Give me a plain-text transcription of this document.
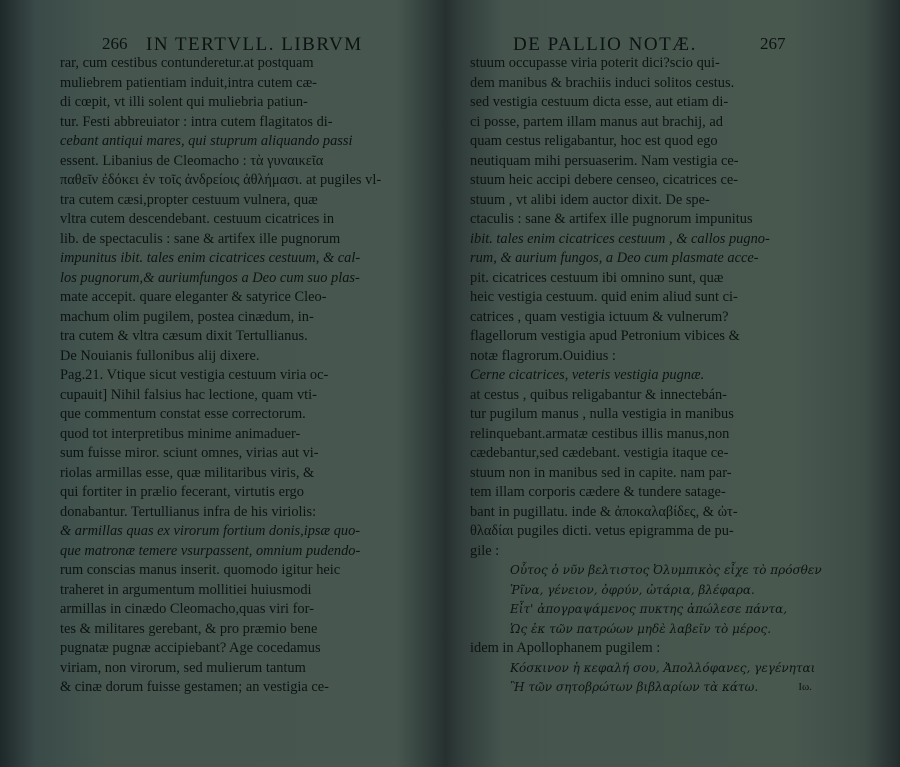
266 IN TERTVLL. LIBRVM
rar, cum cestibus contunderetur.at postquam
muliebrem patientiam induit,intra cutem cæ-
di cœpit, vt illi solent qui muliebria patiun-
tur. Festi abbreuiator : intra cutem flagitatos di-
cebant antiqui mares, qui stuprum aliquando passi
essent. Libanius de Cleomacho : τὰ γυναικεῖα
παθεῖν ἐδόκει ἐν τοῖς ἀνδρείοις ἀθλήμασι. at pugiles vl-
tra cutem cæsi,propter cestuum vulnera, quæ
vltra cutem descendebant. cestuum cicatrices in
lib. de spectaculis : sane & artifex ille pugnorum
impunitus ibit. tales enim cicatrices cestuum, & cal-
los pugnorum,& auriumfungos a Deo cum suo plas-
mate accepit. quare eleganter & satyrice Cleo-
machum olim pugilem, postea cinædum, in-
tra cutem & vltra cæsum dixit Tertullianus.
De Nouianis fullonibus alij dixere.
Pag.21. Vtique sicut vestigia cestuum viria oc-
cupauit] Nihil falsius hac lectione, quam vti-
que commentum constat esse correctorum.
quod tot interpretibus minime animaduer-
sum fuisse miror. sciunt omnes, virias aut vi-
riolas armillas esse, quæ militaribus viris, &
qui fortiter in prælio fecerant, virtutis ergo
donabantur. Tertullianus infra de his viriolis:
& armillas quas ex virorum fortium donis,ipsæ quo-
que matronæ temere vsurpassent, omnium pudendo-
rum conscias manus inserit. quomodo igitur heic
traheret in argumentum mollitiei huiusmodi
armillas in cinædo Cleomacho,quas viri for-
tes & militares gerebant, & pro præmio bene
pugnatæ pugnæ accipiebant? Age cocedamus
viriam, non virorum, sed mulierum tantum
& cinæ dorum fuisse gestamen; an vestigia ce-
DE PALLIO NOTÆ.	267
stuum occupasse viria poterit dici?scio qui-
dem manibus & brachiis induci solitos cestus.
sed vestigia cestuum dicta esse, aut etiam di-
ci posse, partem illam manus aut brachij, ad
quam cestus religabantur, hoc est quod ego
neutiquam mihi persuaserim. Nam vestigia ce-
stuum heic accipi debere censeo, cicatrices ce-
stuum , vt alibi idem auctor dixit. De spe-
ctaculis : sane & artifex ille pugnorum impunitus
ibit. tales enim cicatrices cestuum , & callos pugno-
rum, & aurium fungos, a Deo cum plasmate acce-
pit. cicatrices cestuum ibi omnino sunt, quæ
heic vestigia cestuum. quid enim aliud sunt ci-
catrices , quam vestigia ictuum & vulnerum?
flagellorum vestigia apud Petronium vibices &
notæ flagrorum.Ouidius :
Cerne cicatrices, veteris vestigia pugnæ.
at cestus , quibus religabantur & innectebán-
tur pugilum manus , nulla vestigia in manibus
relinquebant.armatæ cestibus illis manus,non
cædebantur,sed cædebant. vestigia itaque ce-
stuum non in manibus sed in capite. nam par-
tem illam corporis cædere & tundere satage-
bant in pugillatu. inde & ἀποκαλαβίδες, & ὠτ-
θλαδίαι pugiles dicti. vetus epigramma de pu-
gile :
Οὗτος ὁ νῦν βελτιστος Ὀλυμπικὸς εἶχε τὸ πρόσθεν
Ῥῖνα, γένειον, ὀφρύν, ὠτάρια, βλέφαρα.
Εἶτ' ἀπογραψάμενος πυκτης ἀπώλεσε πάντα,
Ὡς ἐκ τῶν πατρώων μηδὲ λαβεῖν τὸ μέρος.
idem in Apollophanem pugilem :
Κόσκινον ἡ κεφαλή σου, Ἀπολλόφανες, γεγένηται
Ἢ τῶν σητοβρώτων βιβλαρίων τὰ κάτω.	Ιω.
